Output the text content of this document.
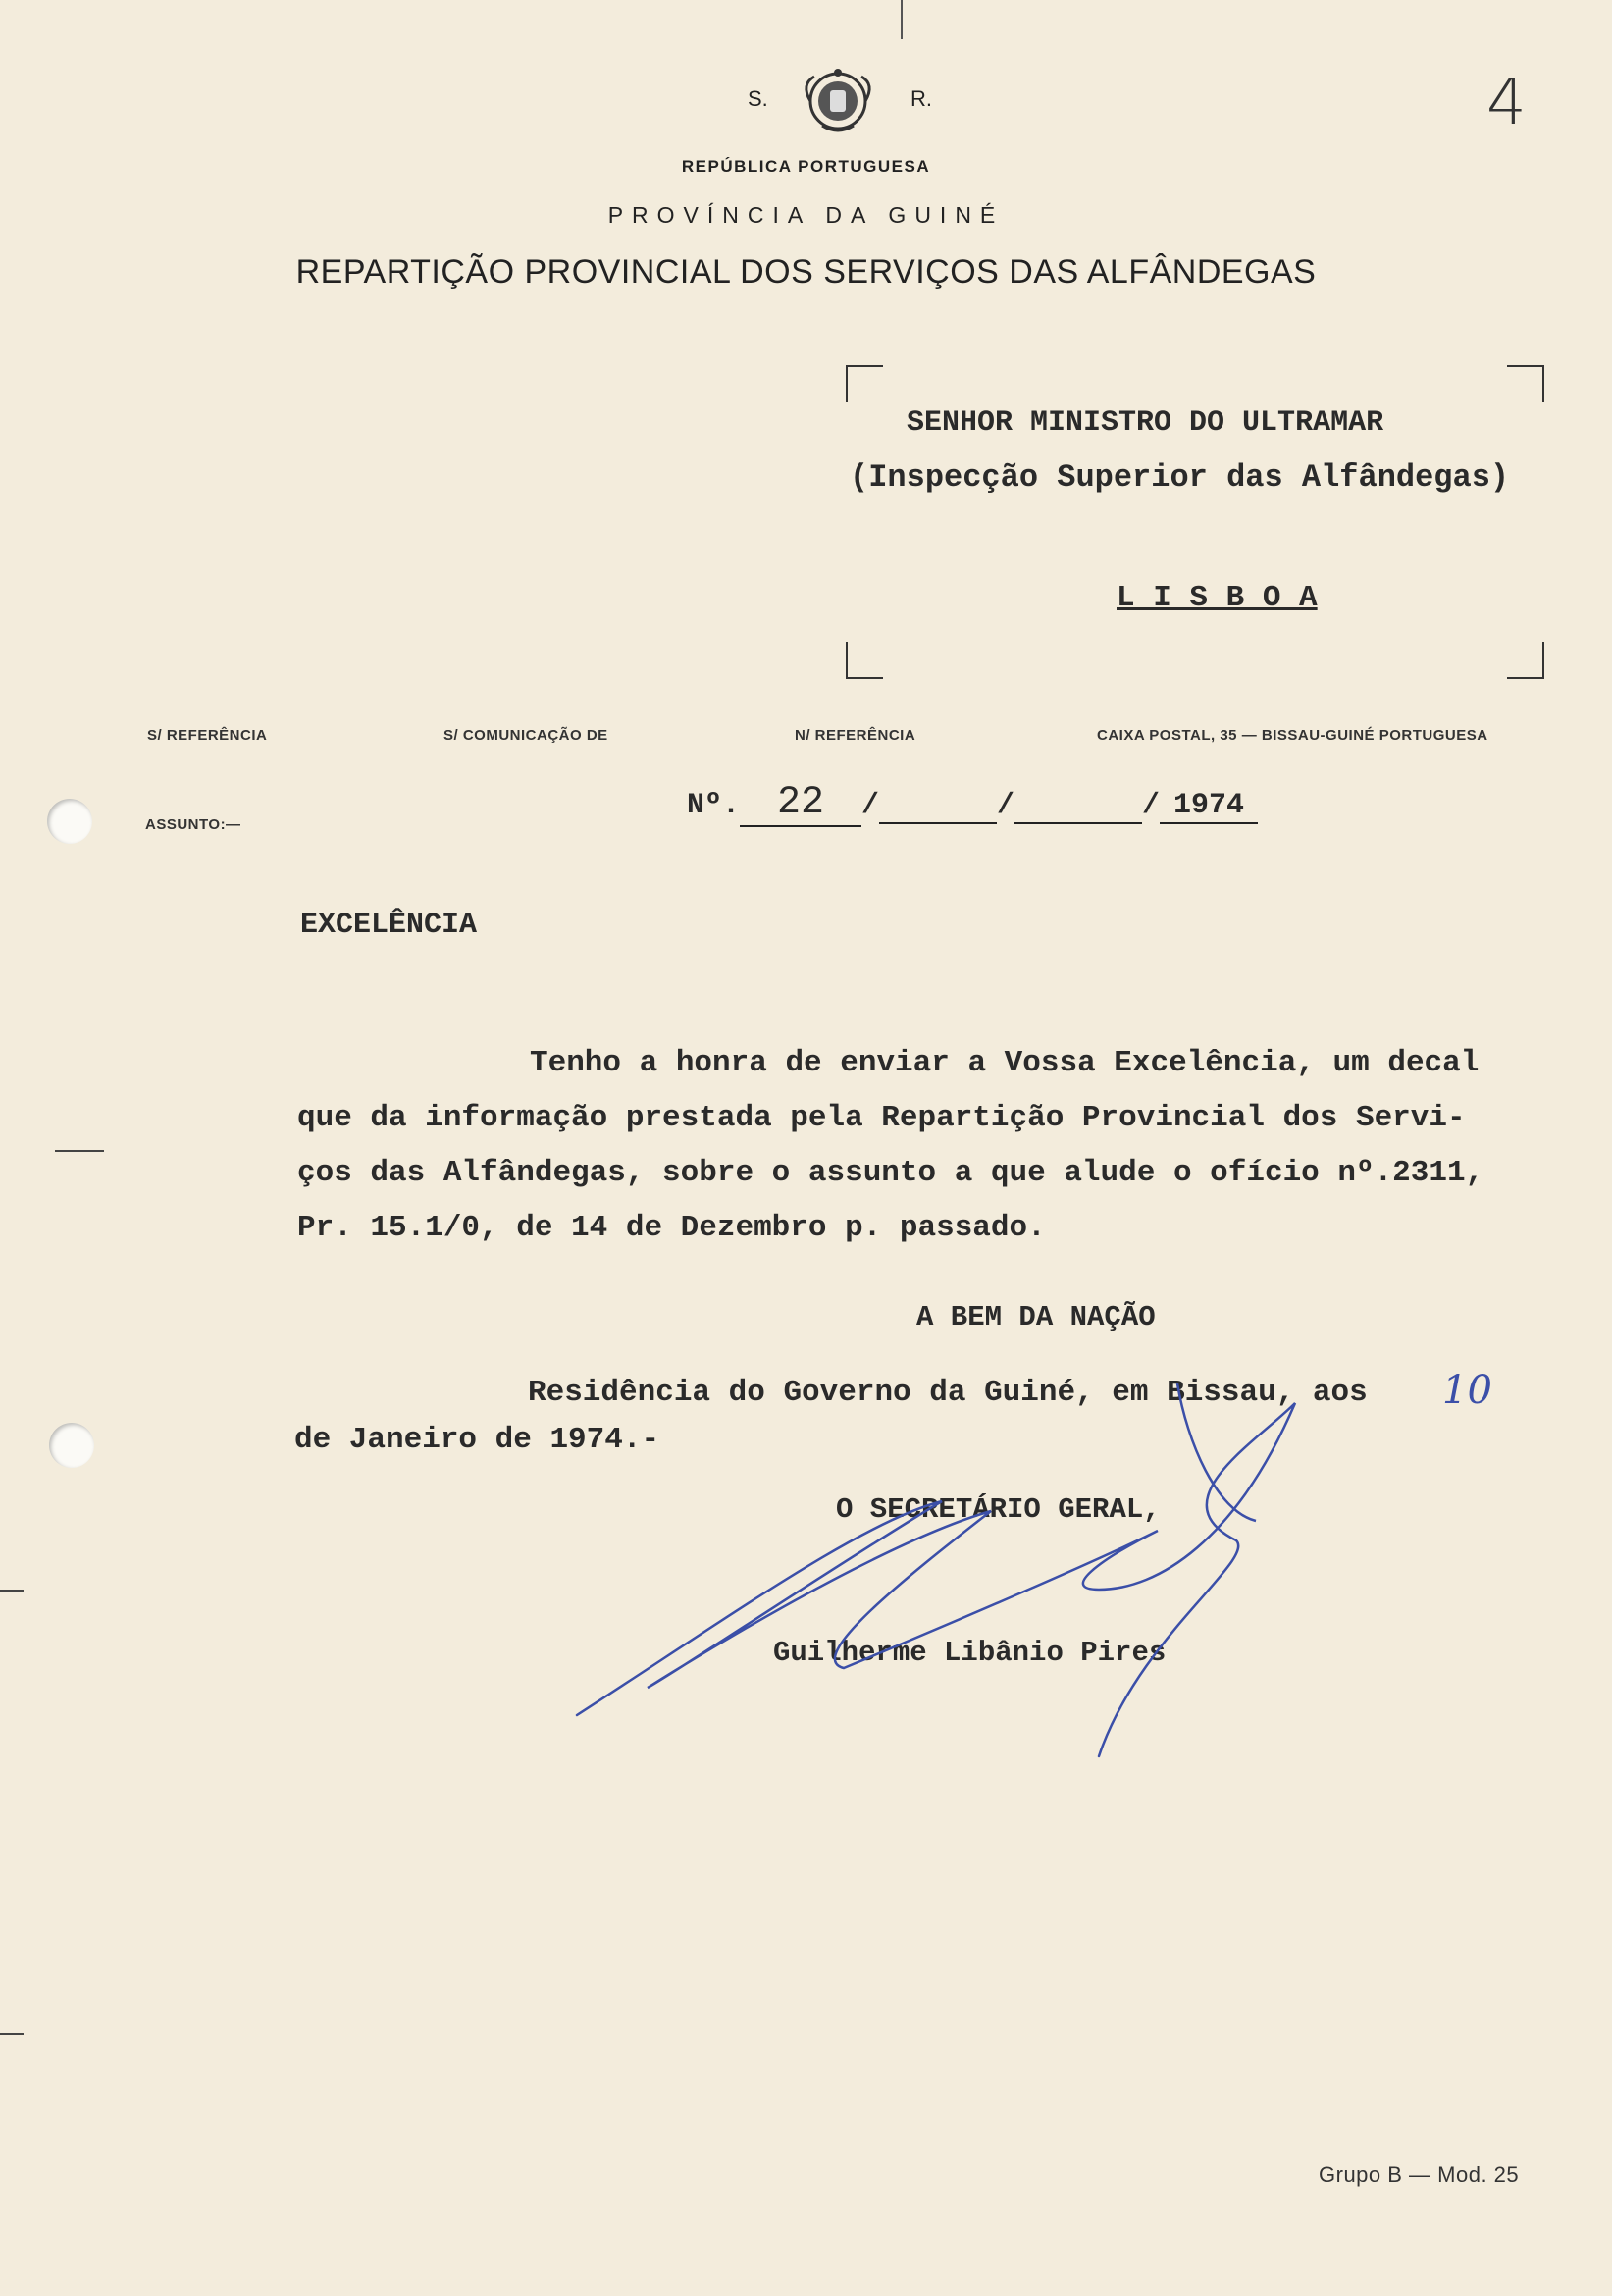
S.	R.
REPÚBLICA PORTUGUESA
PROVÍNCIA DA GUINÉ
REPARTIÇÃO PROVINCIAL DOS SERVIÇOS DAS ALFÂNDEGAS
4
SENHOR MINISTRO DO ULTRAMAR
(Inspecção Superior das Alfândegas)
L I S B O A
S/ REFERÊNCIA	S/ COMUNICAÇÃO DE	N/ REFERÊNCIA	CAIXA POSTAL, 35 — BISSAU-GUINÉ PORTUGUESA
ASSUNTO:—
Nº. 22 /	/	/ 1974
EXCELÊNCIA
Tenho a honra de enviar a Vossa Excelência, um decal
que da informação prestada pela Repartição Provincial dos Servi-
ços das Alfândegas, sobre o assunto a que alude o ofício nº.2311,
Pr. 15.1/0, de 14 de Dezembro p. passado.
A BEM DA NAÇÃO
Residência do Governo da Guiné, em Bissau, aos 10
de Janeiro de 1974.-
O SECRETÁRIO GERAL,
Guilherme Libânio Pires
Grupo B — Mod. 25
